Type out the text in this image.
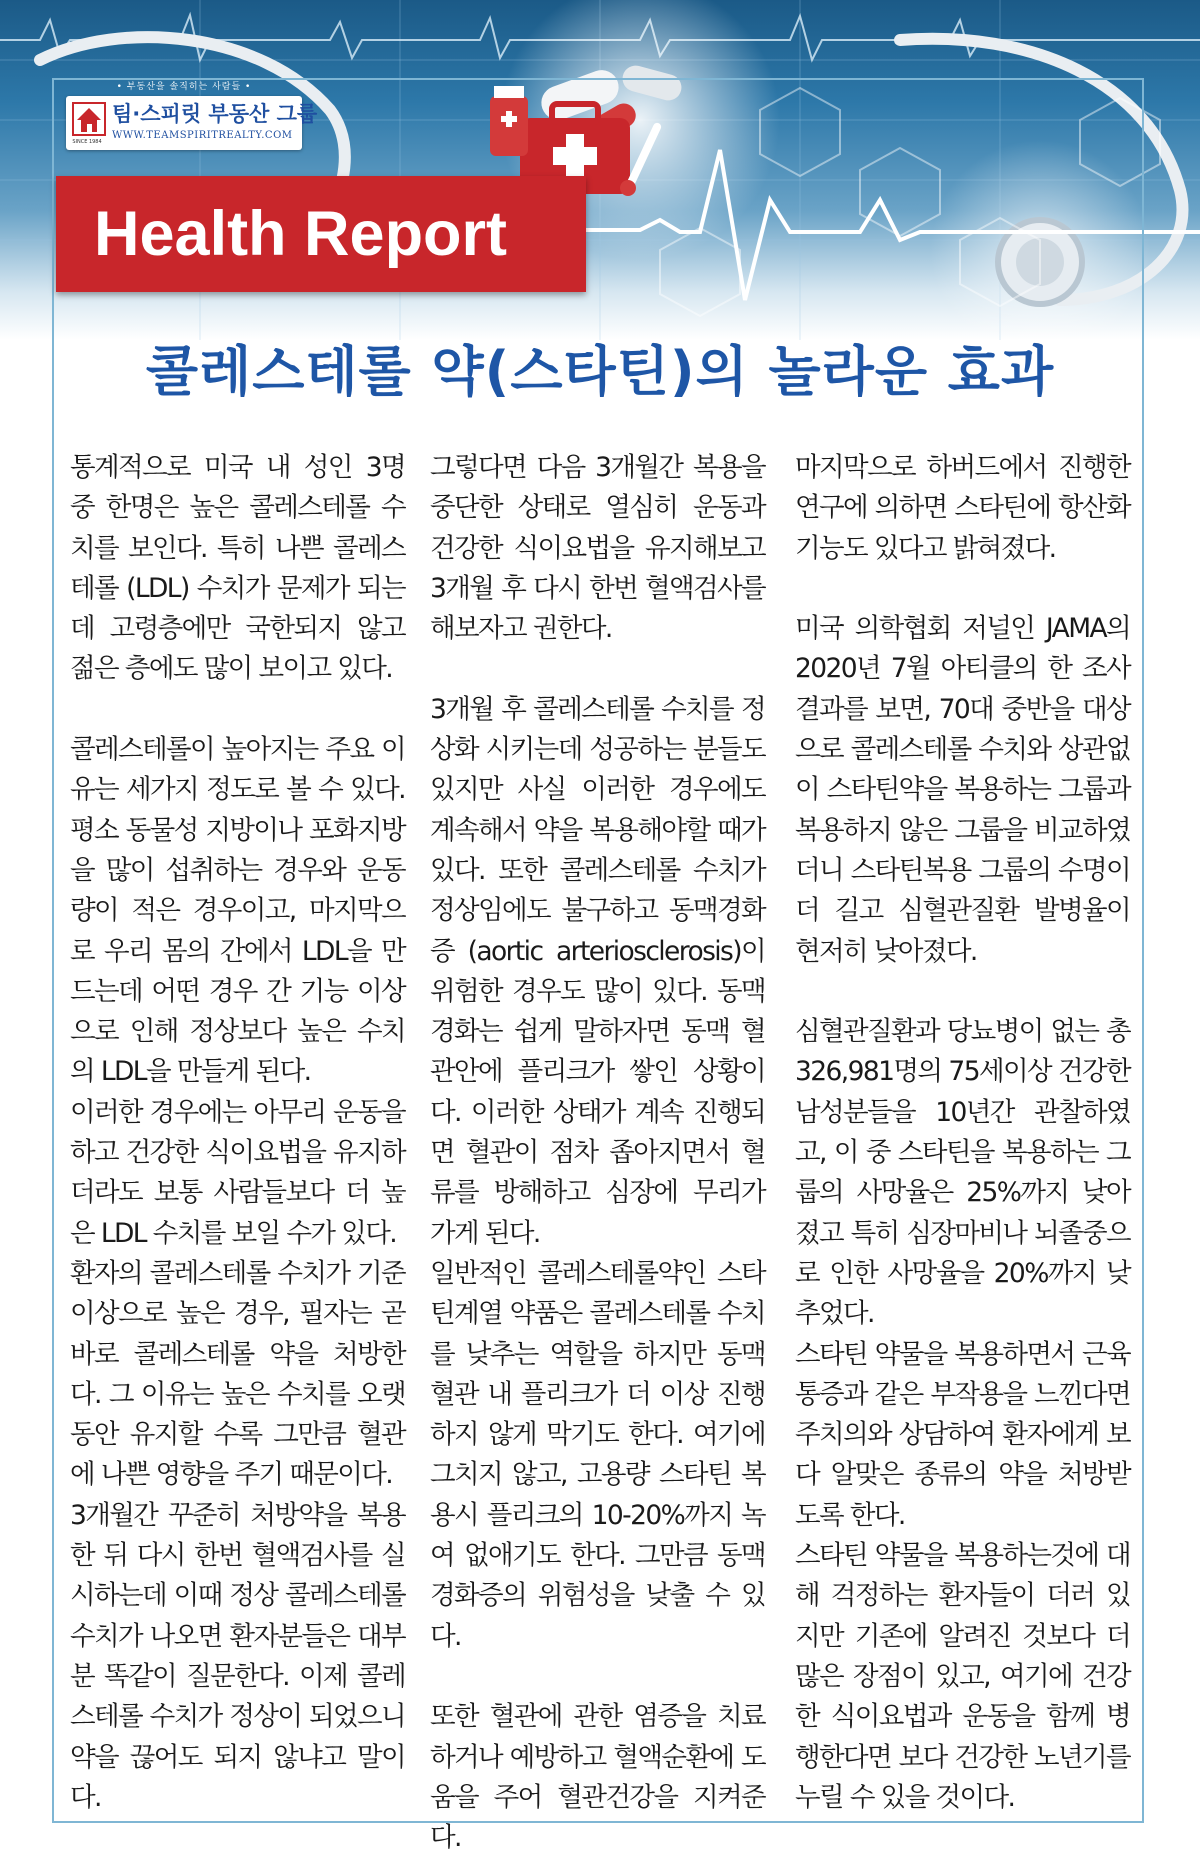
• 부동산을 솔직히는 사람들 •
SINCE 1984
팀·스피릿 부동산 그룹
WWW.TEAMSPIRITREALTY.COM
Health Report
콜레스테롤 약(스타틴)의 놀라운 효과

통계적으로 미국 내 성인 3명 중 한명은 높은 콜레스테롤 수치를 보인다. 특히 나쁜 콜레스테롤 (LDL) 수치가 문제가 되는데 고령층에만 국한되지 않고 젊은 층에도 많이 보이고 있다.

콜레스테롤이 높아지는 주요 이유는 세가지 정도로 볼 수 있다. 평소 동물성 지방이나 포화지방을 많이 섭취하는 경우와 운동량이 적은 경우이고, 마지막으로 우리 몸의 간에서 LDL을 만드는데 어떤 경우 간 기능 이상으로 인해 정상보다 높은 수치의 LDL을 만들게 된다.

이러한 경우에는 아무리 운동을 하고 건강한 식이요법을 유지하더라도 보통 사람들보다 더 높은 LDL 수치를 보일 수가 있다.

환자의 콜레스테롤 수치가 기준 이상으로 높은 경우, 필자는 곧바로 콜레스테롤 약을 처방한다. 그 이유는 높은 수치를 오랫동안 유지할 수록 그만큼 혈관에 나쁜 영향을 주기 때문이다.

3개월간 꾸준히 처방약을 복용한 뒤 다시 한번 혈액검사를 실시하는데 이때 정상 콜레스테롤 수치가 나오면 환자분들은 대부분 똑같이 질문한다. 이제 콜레스테롤 수치가 정상이 되었으니 약을 끊어도 되지 않냐고 말이다.

그렇다면 다음 3개월간 복용을 중단한 상태로 열심히 운동과 건강한 식이요법을 유지해보고 3개월 후 다시 한번 혈액검사를 해보자고 권한다.

3개월 후 콜레스테롤 수치를 정상화 시키는데 성공하는 분들도 있지만 사실 이러한 경우에도 계속해서 약을 복용해야할 때가 있다. 또한 콜레스테롤 수치가 정상임에도 불구하고 동맥경화증 (aortic arteriosclerosis)이 위험한 경우도 많이 있다. 동맥경화는 쉽게 말하자면 동맥 혈관안에 플리크가 쌓인 상황이다. 이러한 상태가 계속 진행되면 혈관이 점차 좁아지면서 혈류를 방해하고 심장에 무리가 가게 된다.

일반적인 콜레스테롤약인 스타틴계열 약품은 콜레스테롤 수치를 낮추는 역할을 하지만 동맥혈관 내 플리크가 더 이상 진행하지 않게 막기도 한다. 여기에 그치지 않고, 고용량 스타틴 복용시 플리크의 10-20%까지 녹여 없애기도 한다. 그만큼 동맥경화증의 위험성을 낮출 수 있다.

또한 혈관에 관한 염증을 치료하거나 예방하고 혈액순환에 도움을 주어 혈관건강을 지켜준다.

마지막으로 하버드에서 진행한 연구에 의하면 스타틴에 항산화 기능도 있다고 밝혀졌다.

미국 의학협회 저널인 JAMA의 2020년 7월 아티클의 한 조사결과를 보면, 70대 중반을 대상으로 콜레스테롤 수치와 상관없이 스타틴약을 복용하는 그룹과 복용하지 않은 그룹을 비교하였더니 스타틴복용 그룹의 수명이 더 길고 심혈관질환 발병율이 현저히 낮아졌다.

심혈관질환과 당뇨병이 없는 총 326,981명의 75세이상 건강한 남성분들을 10년간 관찰하였고, 이 중 스타틴을 복용하는 그룹의 사망율은 25%까지 낮아졌고 특히 심장마비나 뇌졸중으로 인한 사망율을 20%까지 낮추었다.

스타틴 약물을 복용하면서 근육통증과 같은 부작용을 느낀다면 주치의와 상담하여 환자에게 보다 알맞은 종류의 약을 처방받도록 한다.

스타틴 약물을 복용하는것에 대해 걱정하는 환자들이 더러 있지만 기존에 알려진 것보다 더 많은 장점이 있고, 여기에 건강한 식이요법과 운동을 함께 병행한다면 보다 건강한 노년기를 누릴 수 있을 것이다.
